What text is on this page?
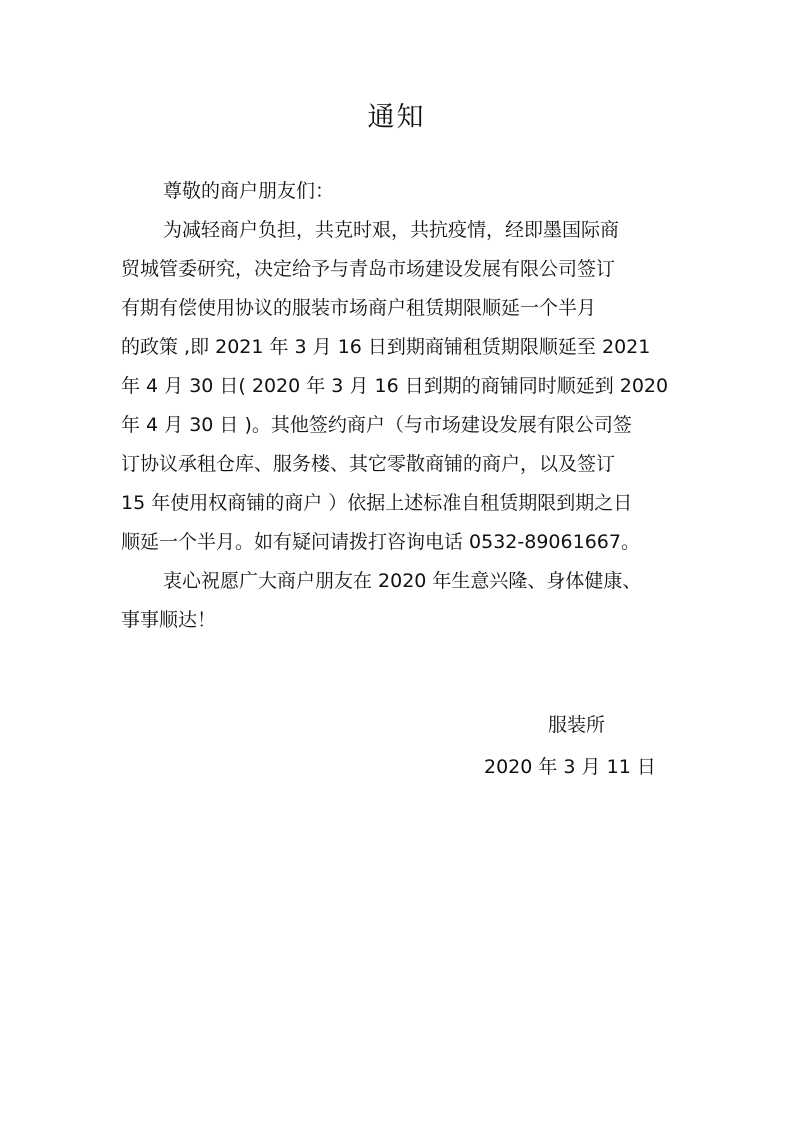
通知
尊敬的商户朋友们：
为减轻商户负担，共克时艰，共抗疫情，经即墨国际商
贸城管委研究，决定给予与青岛市场建设发展有限公司签订
有期有偿使用协议的服装市场商户租赁期限顺延一个半月
的政策 ,即 2021 年 3 月 16 日到期商铺租赁期限顺延至 2021
年 4 月 30 日( 2020 年 3 月 16 日到期的商铺同时顺延到 2020
年 4 月 30 日 )。其他签约商户（与市场建设发展有限公司签
订协议承租仓库、服务楼、其它零散商铺的商户，以及签订
15 年使用权商铺的商户 ）依据上述标准自租赁期限到期之日
顺延一个半月。如有疑问请拨打咨询电话 0532-89061667。
衷心祝愿广大商户朋友在 2020 年生意兴隆、身体健康、
事事顺达！
服装所
2020 年 3 月 11 日
